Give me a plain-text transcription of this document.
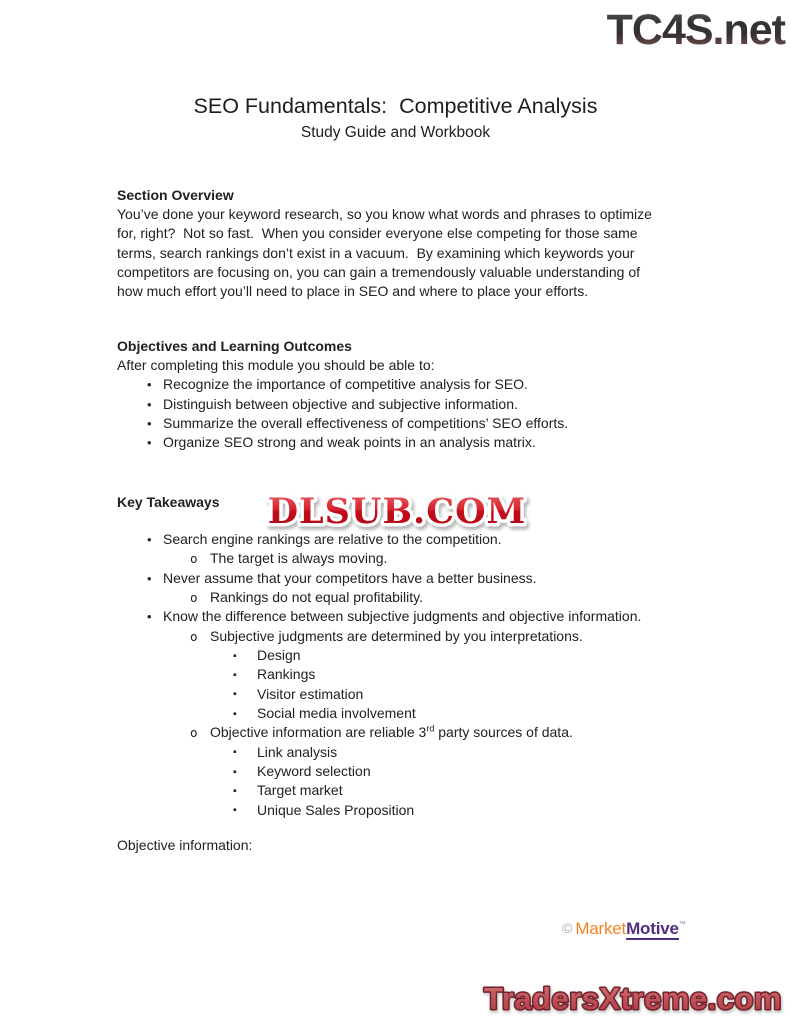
TC4S.net
SEO Fundamentals:  Competitive Analysis
Study Guide and Workbook
Section Overview
You’ve done your keyword research, so you know what words and phrases to optimize for, right?  Not so fast.  When you consider everyone else competing for those same terms, search rankings don’t exist in a vacuum.  By examining which keywords your competitors are focusing on, you can gain a tremendously valuable understanding of how much effort you’ll need to place in SEO and where to place your efforts.
Objectives and Learning Outcomes
After completing this module you should be able to:
• Recognize the importance of competitive analysis for SEO.
• Distinguish between objective and subjective information.
• Summarize the overall effectiveness of competitions’ SEO efforts.
• Organize SEO strong and weak points in an analysis matrix.
Key Takeaways DLSUB.COM
• Search engine rankings are relative to the competition.
o The target is always moving.
• Never assume that your competitors have a better business.
o Rankings do not equal profitability.
• Know the difference between subjective judgments and objective information.
o Subjective judgments are determined by you interpretations.
▪ Design
▪ Rankings
▪ Visitor estimation
▪ Social media involvement
o Objective information are reliable 3rd party sources of data.
▪ Link analysis
▪ Keyword selection
▪ Target market
▪ Unique Sales Proposition
Objective information:
© MarketMotive™
TradersXtreme.com
